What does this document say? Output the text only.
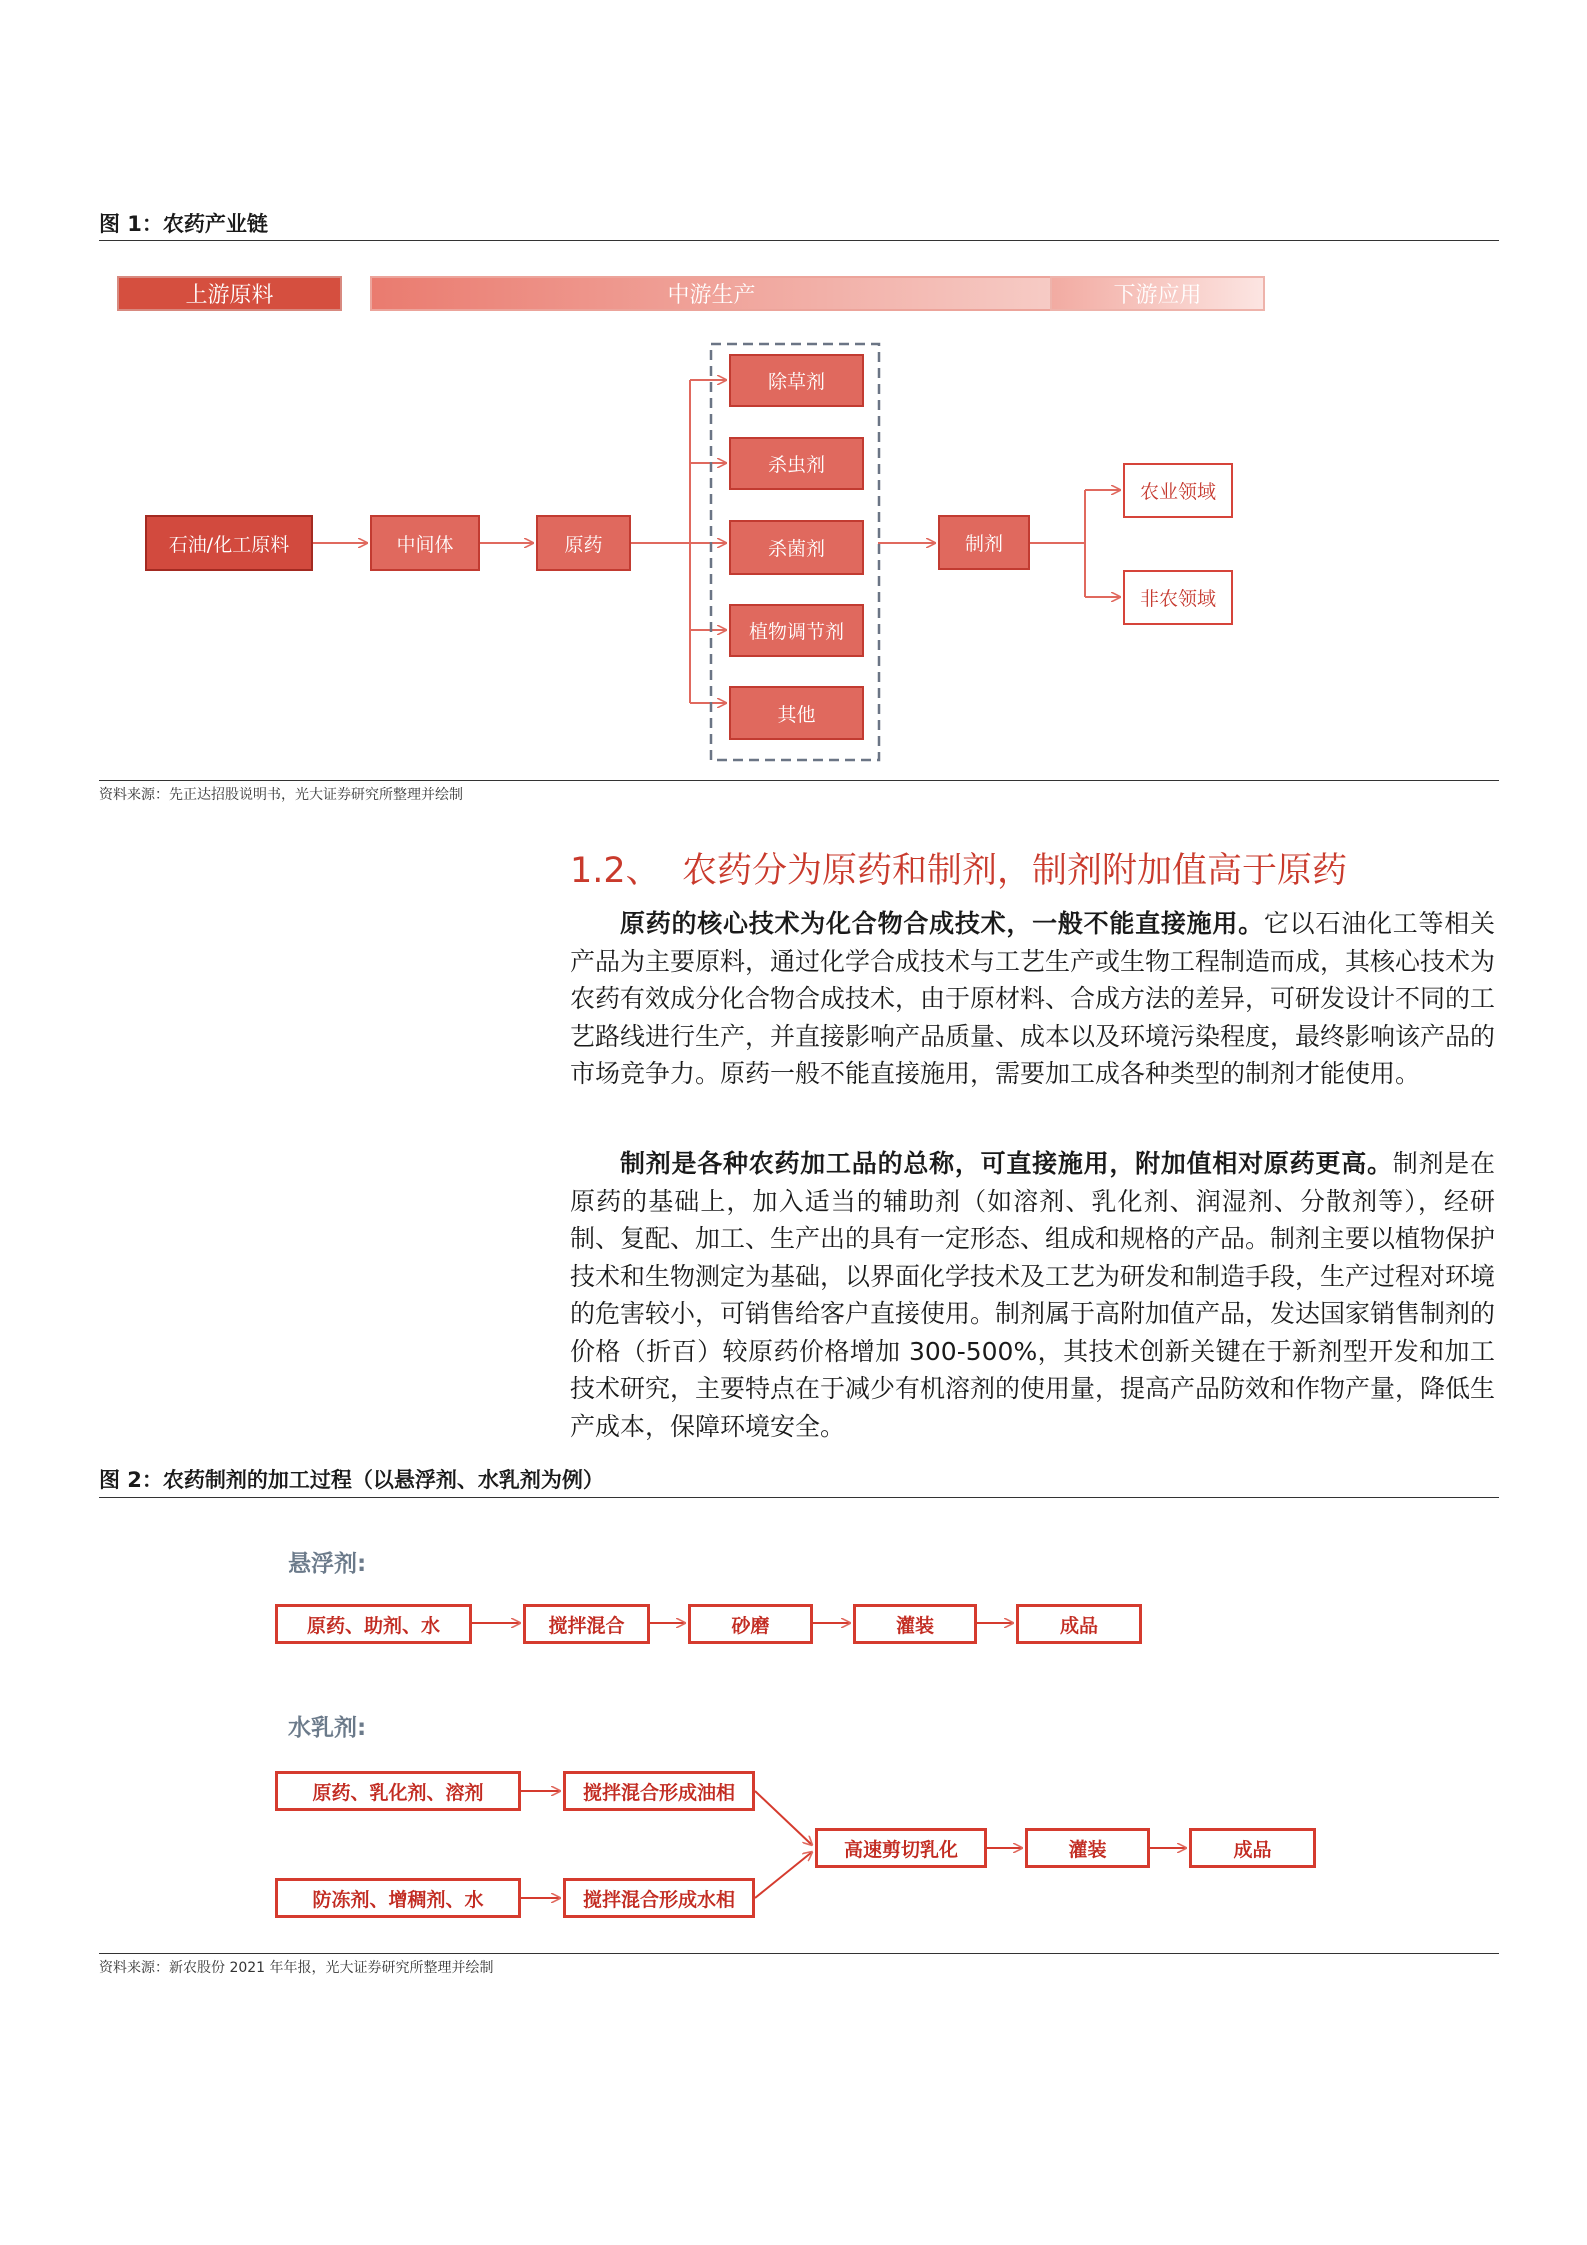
图 1：农药产业链
上游原料	中游生产	下游应用
石油/化工原料	中间体	原药
除草剂
杀虫剂
杀菌剂
植物调节剂
其他
制剂
农业领域
非农领域
资料来源：先正达招股说明书，光大证券研究所整理并绘制
1.2、 农药分为原药和制剂，制剂附加值高于原药
原药的核心技术为化合物合成技术，一般不能直接施用。它以石油化工等相关产品为主要原料，通过化学合成技术与工艺生产或生物工程制造而成，其核心技术为农药有效成分化合物合成技术，由于原材料、合成方法的差异，可研发设计不同的工艺路线进行生产，并直接影响产品质量、成本以及环境污染程度，最终影响该产品的市场竞争力。原药一般不能直接施用，需要加工成各种类型的制剂才能使用。
制剂是各种农药加工品的总称，可直接施用，附加值相对原药更高。制剂是在原药的基础上，加入适当的辅助剂（如溶剂、乳化剂、润湿剂、分散剂等），经研制、复配、加工、生产出的具有一定形态、组成和规格的产品。制剂主要以植物保护技术和生物测定为基础，以界面化学技术及工艺为研发和制造手段，生产过程对环境的危害较小，可销售给客户直接使用。制剂属于高附加值产品，发达国家销售制剂的价格（折百）较原药价格增加 300-500%，其技术创新关键在于新剂型开发和加工技术研究，主要特点在于减少有机溶剂的使用量，提高产品防效和作物产量，降低生产成本，保障环境安全。
图 2：农药制剂的加工过程（以悬浮剂、水乳剂为例）
悬浮剂:
原药、助剂、水	搅拌混合	砂磨	灌装	成品
水乳剂:
原药、乳化剂、溶剂	搅拌混合形成油相
防冻剂、增稠剂、水	搅拌混合形成水相
高速剪切乳化	灌装	成品
资料来源：新农股份 2021 年年报，光大证券研究所整理并绘制
